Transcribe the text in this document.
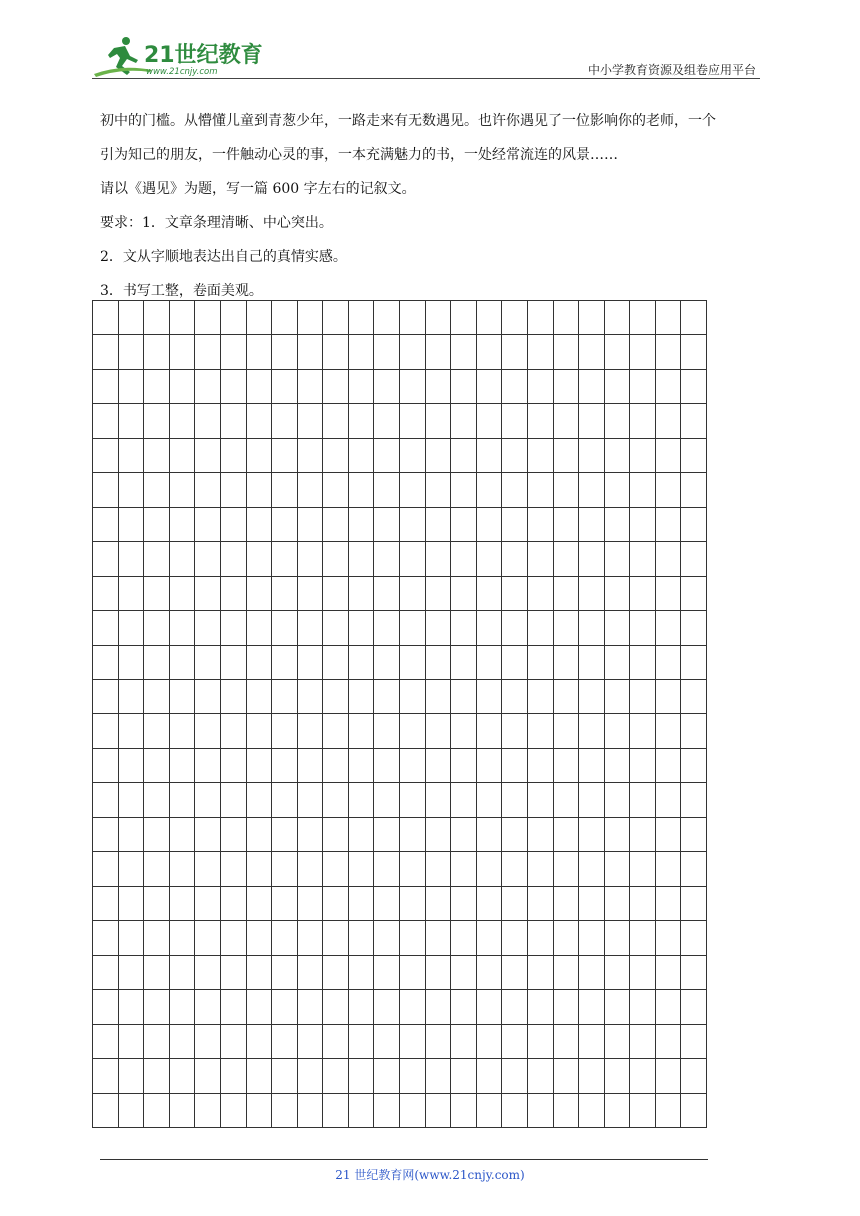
21世纪教育
www.21cnjy.com	中小学教育资源及组卷应用平台

初中的门槛。从懵懂儿童到青葱少年，一路走来有无数遇见。也许你遇见了一位影响你的老师，一个

引为知己的朋友，一件触动心灵的事，一本充满魅力的书，一处经常流连的风景……

请以《遇见》为题，写一篇 600 字左右的记叙文。

要求：1．文章条理清晰、中心突出。

2．文从字顺地表达出自己的真情实感。

3．书写工整，卷面美观。

21 世纪教育网(www.21cnjy.com)
